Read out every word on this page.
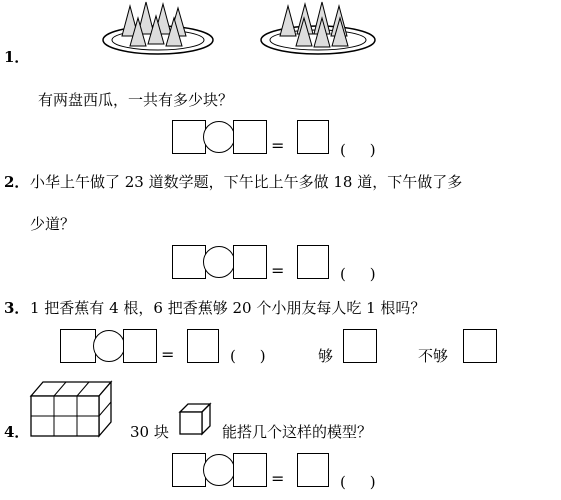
1．
有两盘西瓜，一共有多少块？
=	(     )
2． 小华上午做了 23 道数学题，下午比上午多做 18 道，下午做了多
少道？
=	(     )
3． 1 把香蕉有 4 根，6 把香蕉够 20 个小朋友每人吃 1 根吗？
=	(     )	够	不够
4．	30 块	能搭几个这样的模型？
=	(     )
